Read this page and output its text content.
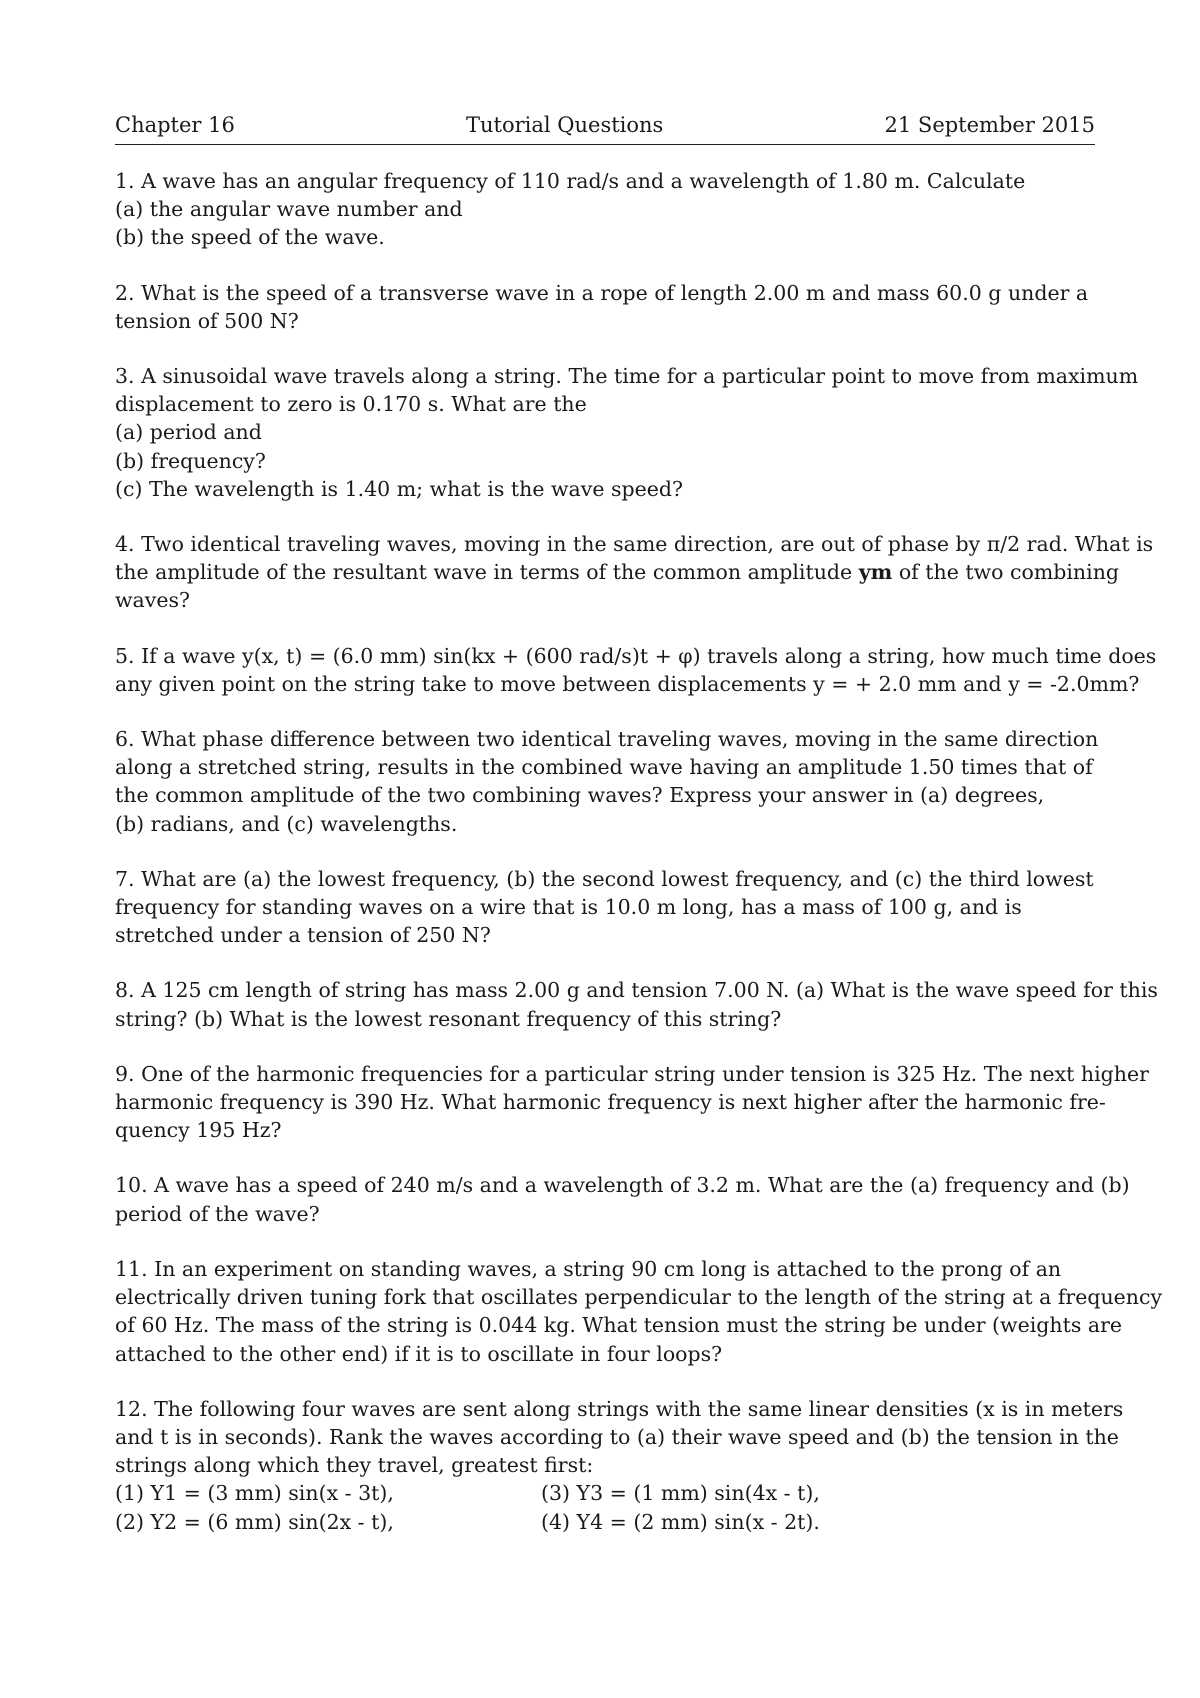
Chapter 16	Tutorial Questions	21 September 2015
1. A wave has an angular frequency of 110 rad/s and a wavelength of 1.80 m. Calculate
(a) the angular wave number and
(b) the speed of the wave.
2. What is the speed of a transverse wave in a rope of length 2.00 m and mass 60.0 g under a
tension of 500 N?
3. A sinusoidal wave travels along a string. The time for a particular point to move from maximum
displacement to zero is 0.170 s. What are the
(a) period and
(b) frequency?
(c) The wavelength is 1.40 m; what is the wave speed?
4. Two identical traveling waves, moving in the same direction, are out of phase by π/2 rad. What is
the amplitude of the resultant wave in terms of the common amplitude ym of the two combining
waves?
5. If a wave y(x, t) = (6.0 mm) sin(kx + (600 rad/s)t + φ) travels along a string, how much time does
any given point on the string take to move between displacements y = + 2.0 mm and y = -2.0mm?
6. What phase difference between two identical traveling waves, moving in the same direction
along a stretched string, results in the combined wave having an amplitude 1.50 times that of
the common amplitude of the two combining waves? Express your answer in (a) degrees,
(b) radians, and (c) wavelengths.
7. What are (a) the lowest frequency, (b) the second lowest frequency, and (c) the third lowest
frequency for standing waves on a wire that is 10.0 m long, has a mass of 100 g, and is
stretched under a tension of 250 N?
8. A 125 cm length of string has mass 2.00 g and tension 7.00 N. (a) What is the wave speed for this
string? (b) What is the lowest resonant frequency of this string?
9. One of the harmonic frequencies for a particular string under tension is 325 Hz. The next higher
harmonic frequency is 390 Hz. What harmonic frequency is next higher after the harmonic fre-
quency 195 Hz?
10. A wave has a speed of 240 m/s and a wavelength of 3.2 m. What are the (a) frequency and (b)
period of the wave?
11. In an experiment on standing waves, a string 90 cm long is attached to the prong of an
electrically driven tuning fork that oscillates perpendicular to the length of the string at a frequency
of 60 Hz. The mass of the string is 0.044 kg. What tension must the string be under (weights are
attached to the other end) if it is to oscillate in four loops?
12. The following four waves are sent along strings with the same linear densities (x is in meters
and t is in seconds). Rank the waves according to (a) their wave speed and (b) the tension in the
strings along which they travel, greatest first:
(1) Y1 = (3 mm) sin(x - 3t),	(3) Y3 = (1 mm) sin(4x - t),
(2) Y2 = (6 mm) sin(2x - t),	(4) Y4 = (2 mm) sin(x - 2t).
